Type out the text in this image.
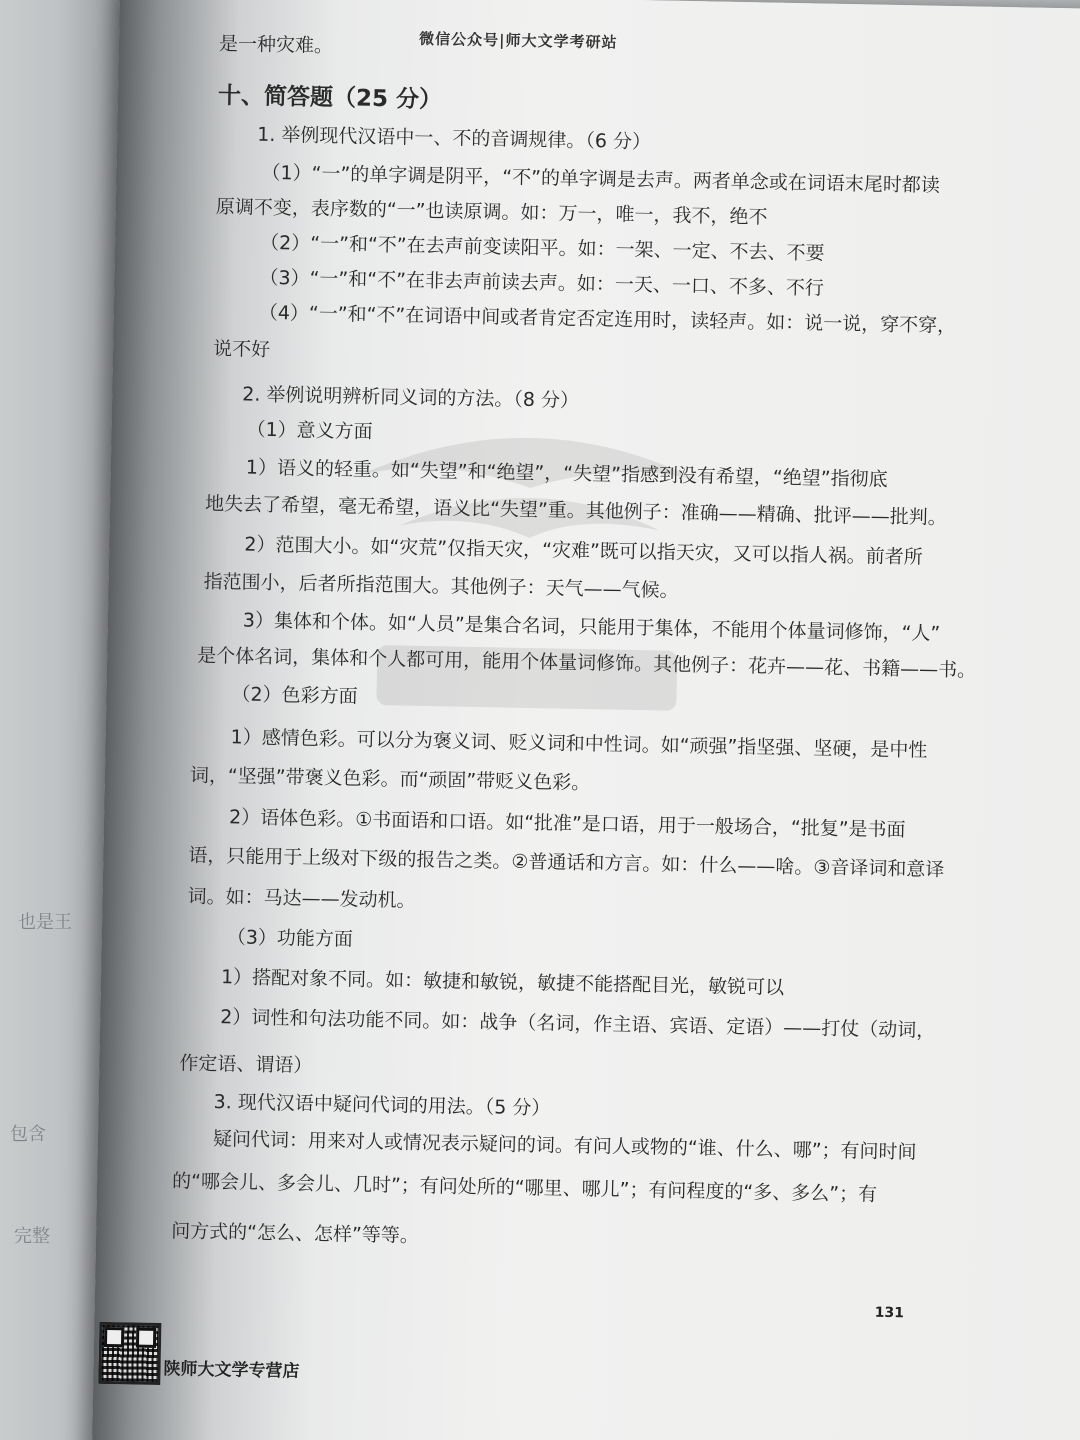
也是王
包含
完整
微信公众号|师大文学考研站
是一种灾难。
十、简答题（25 分）
1. 举例现代汉语中一、不的音调规律。（6 分）
（1）“一”的单字调是阴平，“不”的单字调是去声。两者单念或在词语末尾时都读
原调不变，表序数的“一”也读原调。如：万一，唯一，我不，绝不
（2）“一”和“不”在去声前变读阳平。如：一架、一定、不去、不要
（3）“一”和“不”在非去声前读去声。如：一天、一口、不多、不行
（4）“一”和“不”在词语中间或者肯定否定连用时，读轻声。如：说一说，穿不穿，
说不好
2. 举例说明辨析同义词的方法。（8 分）
（1）意义方面
1）语义的轻重。如“失望”和“绝望”，“失望”指感到没有希望，“绝望”指彻底
地失去了希望，毫无希望，语义比“失望”重。其他例子：准确——精确、批评——批判。
2）范围大小。如“灾荒”仅指天灾，“灾难”既可以指天灾，又可以指人祸。前者所
指范围小，后者所指范围大。其他例子：天气——气候。
3）集体和个体。如“人员”是集合名词，只能用于集体，不能用个体量词修饰，“人”
是个体名词，集体和个人都可用，能用个体量词修饰。其他例子：花卉——花、书籍——书。
（2）色彩方面
1）感情色彩。可以分为褒义词、贬义词和中性词。如“顽强”指坚强、坚硬，是中性
词，“坚强”带褒义色彩。而“顽固”带贬义色彩。
2）语体色彩。①书面语和口语。如“批准”是口语，用于一般场合，“批复”是书面
语，只能用于上级对下级的报告之类。②普通话和方言。如：什么——啥。③音译词和意译
词。如：马达——发动机。
（3）功能方面
1）搭配对象不同。如：敏捷和敏锐，敏捷不能搭配目光，敏锐可以
2）词性和句法功能不同。如：战争（名词，作主语、宾语、定语）——打仗（动词，
作定语、谓语）
3. 现代汉语中疑问代词的用法。（5 分）
疑问代词：用来对人或情况表示疑问的词。有问人或物的“谁、什么、哪”；有问时间
的“哪会儿、多会儿、几时”；有问处所的“哪里、哪儿”；有问程度的“多、多么”；有
问方式的“怎么、怎样”等等。
131
陕师大文学专营店
